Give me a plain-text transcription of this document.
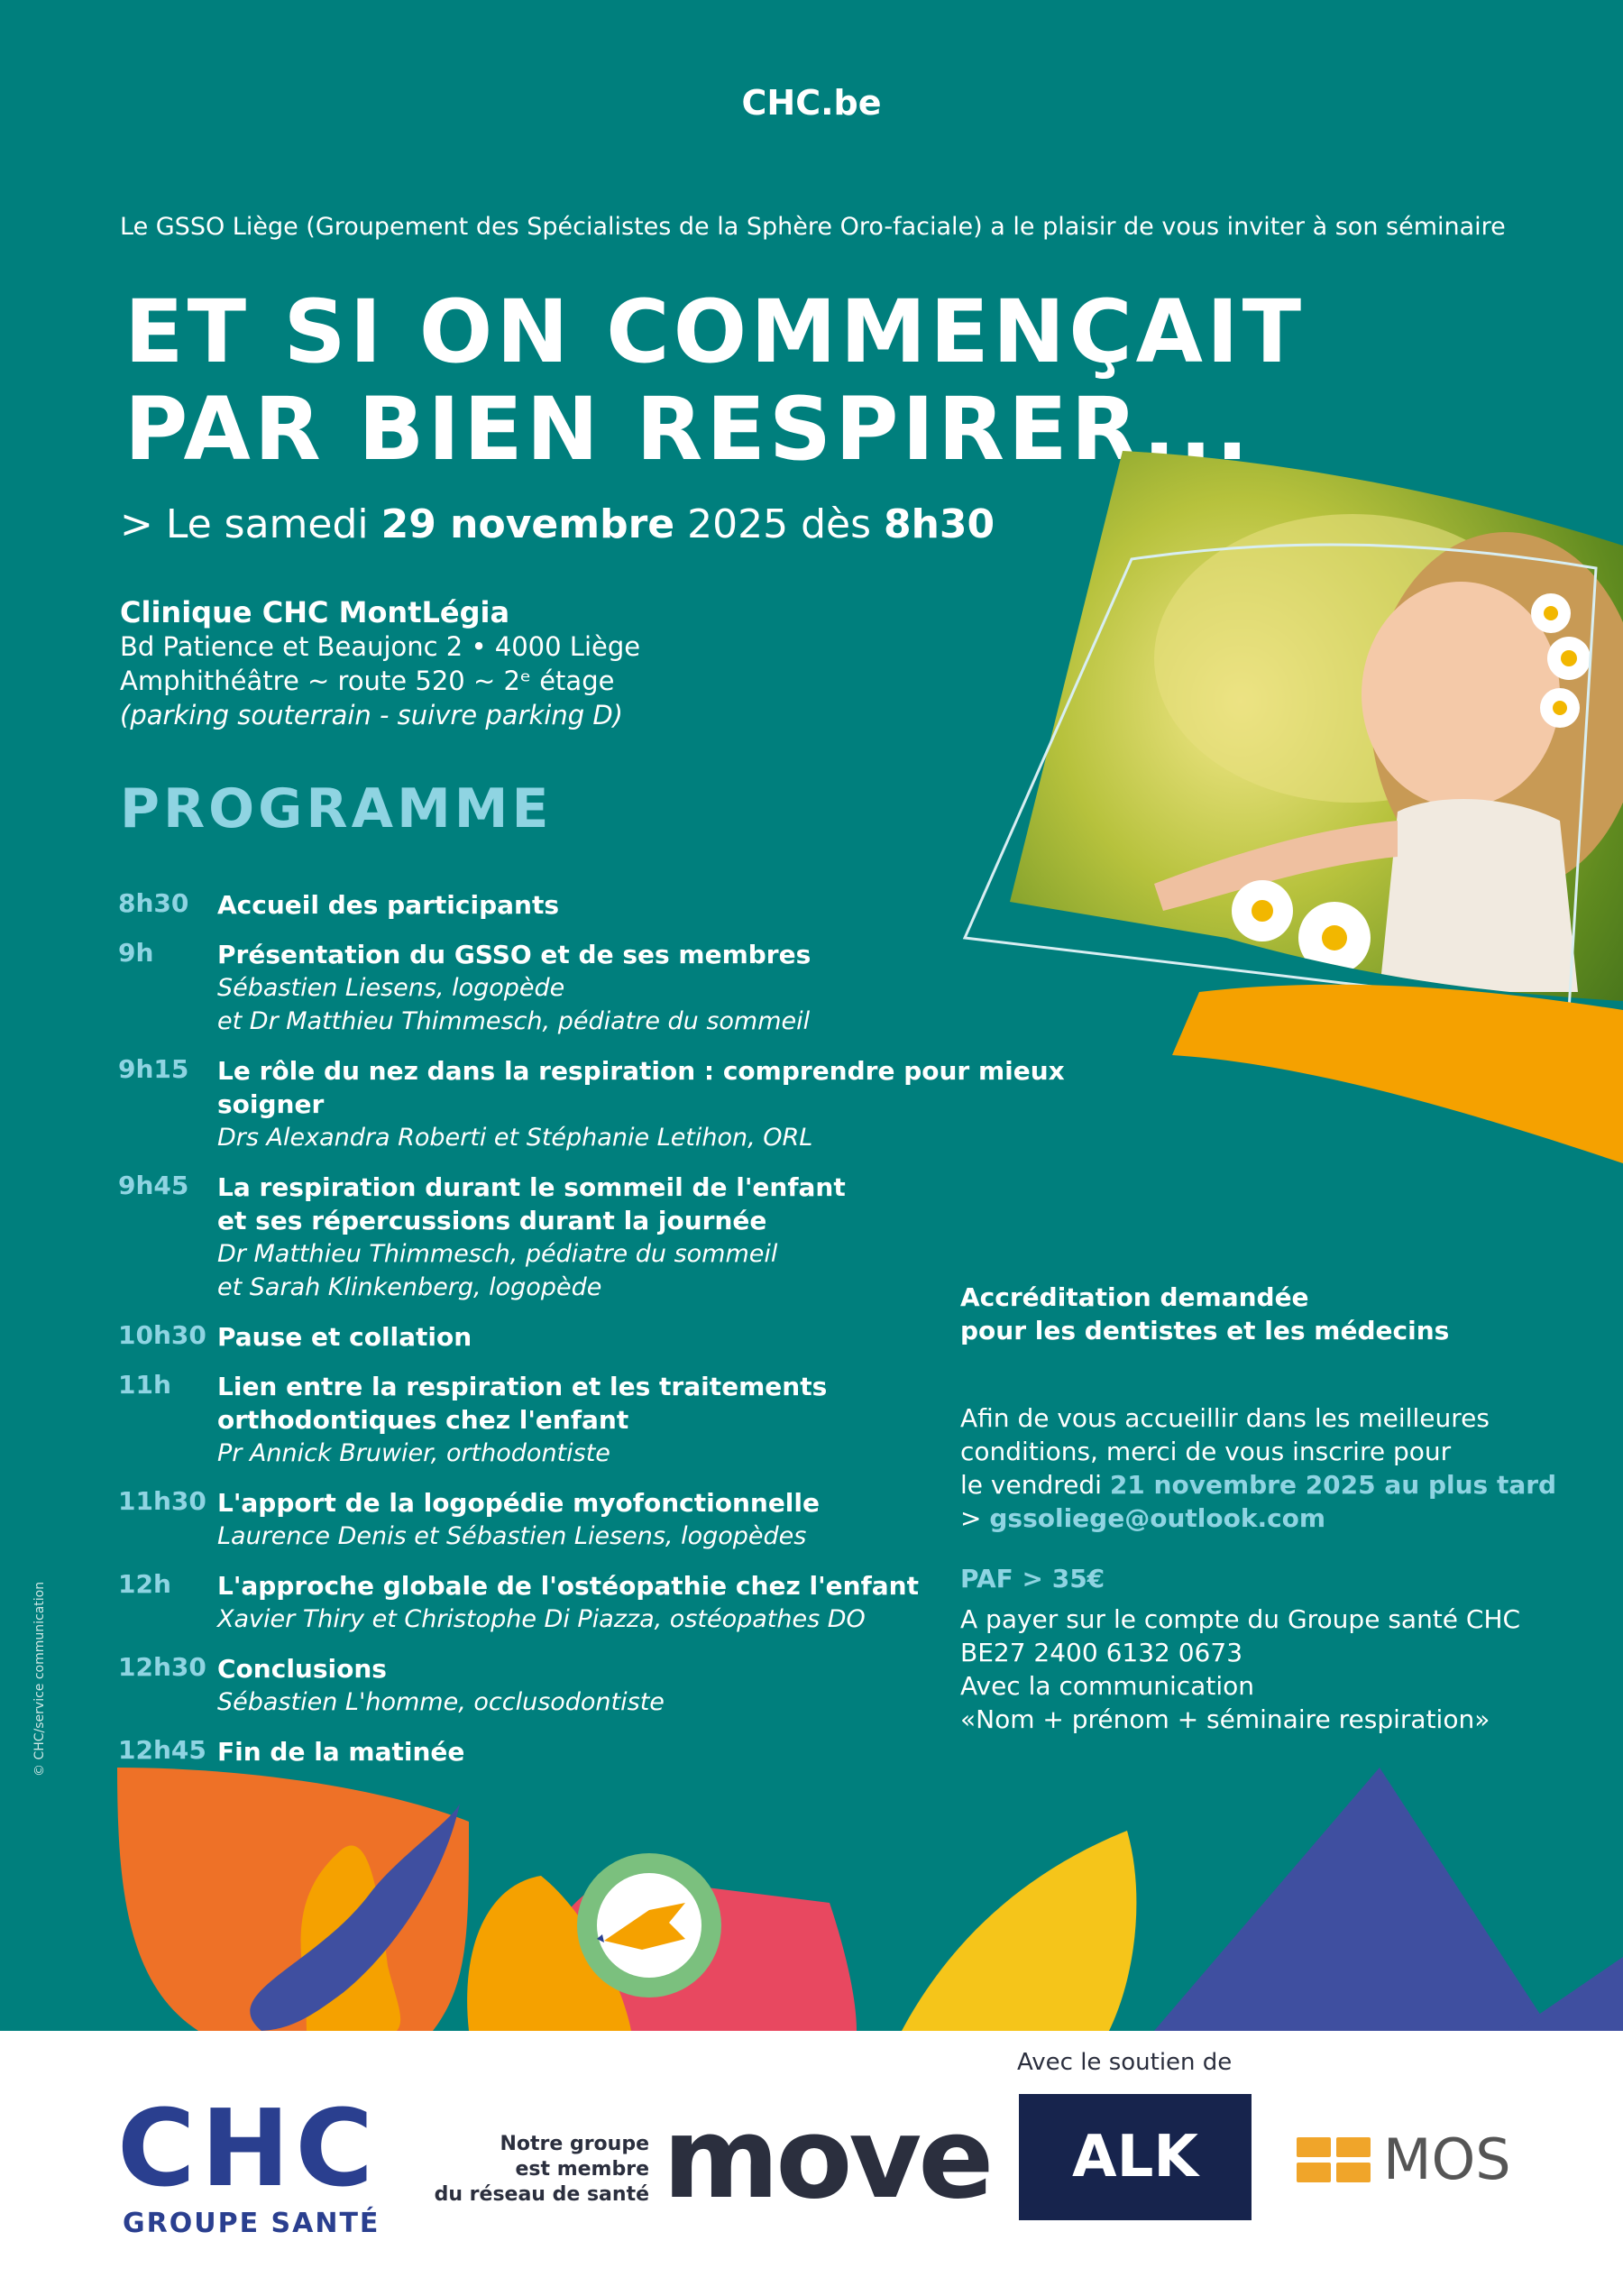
CHC.be
Le GSSO Liège (Groupement des Spécialistes de la Sphère Oro-faciale) a le plaisir de vous inviter à son séminaire
ET SI ON COMMENÇAIT
PAR BIEN RESPIRER...
> Le samedi 29 novembre 2025 dès 8h30
Clinique CHC MontLégia
Bd Patience et Beaujonc 2 • 4000 Liège
Amphithéâtre ~ route 520 ~ 2ᵉ étage
(parking souterrain - suivre parking D)
PROGRAMME
8h30 Accueil des participants
9h	Présentation du GSSO et de ses membres
Sébastien Liesens, logopède
et Dr Matthieu Thimmesch, pédiatre du sommeil
9h15 Le rôle du nez dans la respiration : comprendre pour mieux soigner
Drs Alexandra Roberti et Stéphanie Letihon, ORL
9h45 La respiration durant le sommeil de l'enfant
et ses répercussions durant la journée
Dr Matthieu Thimmesch, pédiatre du sommeil
et Sarah Klinkenberg, logopède
10h30 Pause et collation
11h Lien entre la respiration et les traitements
orthodontiques chez l'enfant
Pr Annick Bruwier, orthodontiste
11h30 L'apport de la logopédie myofonctionnelle
Laurence Denis et Sébastien Liesens, logopèdes
12h L'approche globale de l'ostéopathie chez l'enfant
Xavier Thiry et Christophe Di Piazza, ostéopathes DO
12h30 Conclusions
Sébastien L'homme, occlusodontiste
12h45 Fin de la matinée
Accréditation demandée
pour les dentistes et les médecins
Afin de vous accueillir dans les meilleures
conditions, merci de vous inscrire pour
le vendredi 21 novembre 2025 au plus tard
> gssoliege@outlook.com
PAF > 35€
A payer sur le compte du Groupe santé CHC
BE27 2400 6132 0673
Avec la communication
«Nom + prénom + séminaire respiration»
© CHC/service communication
CHC
GROUPE SANTÉ
Notre groupe
est membre
du réseau de santé move
Avec le soutien de
ALK	MOS
